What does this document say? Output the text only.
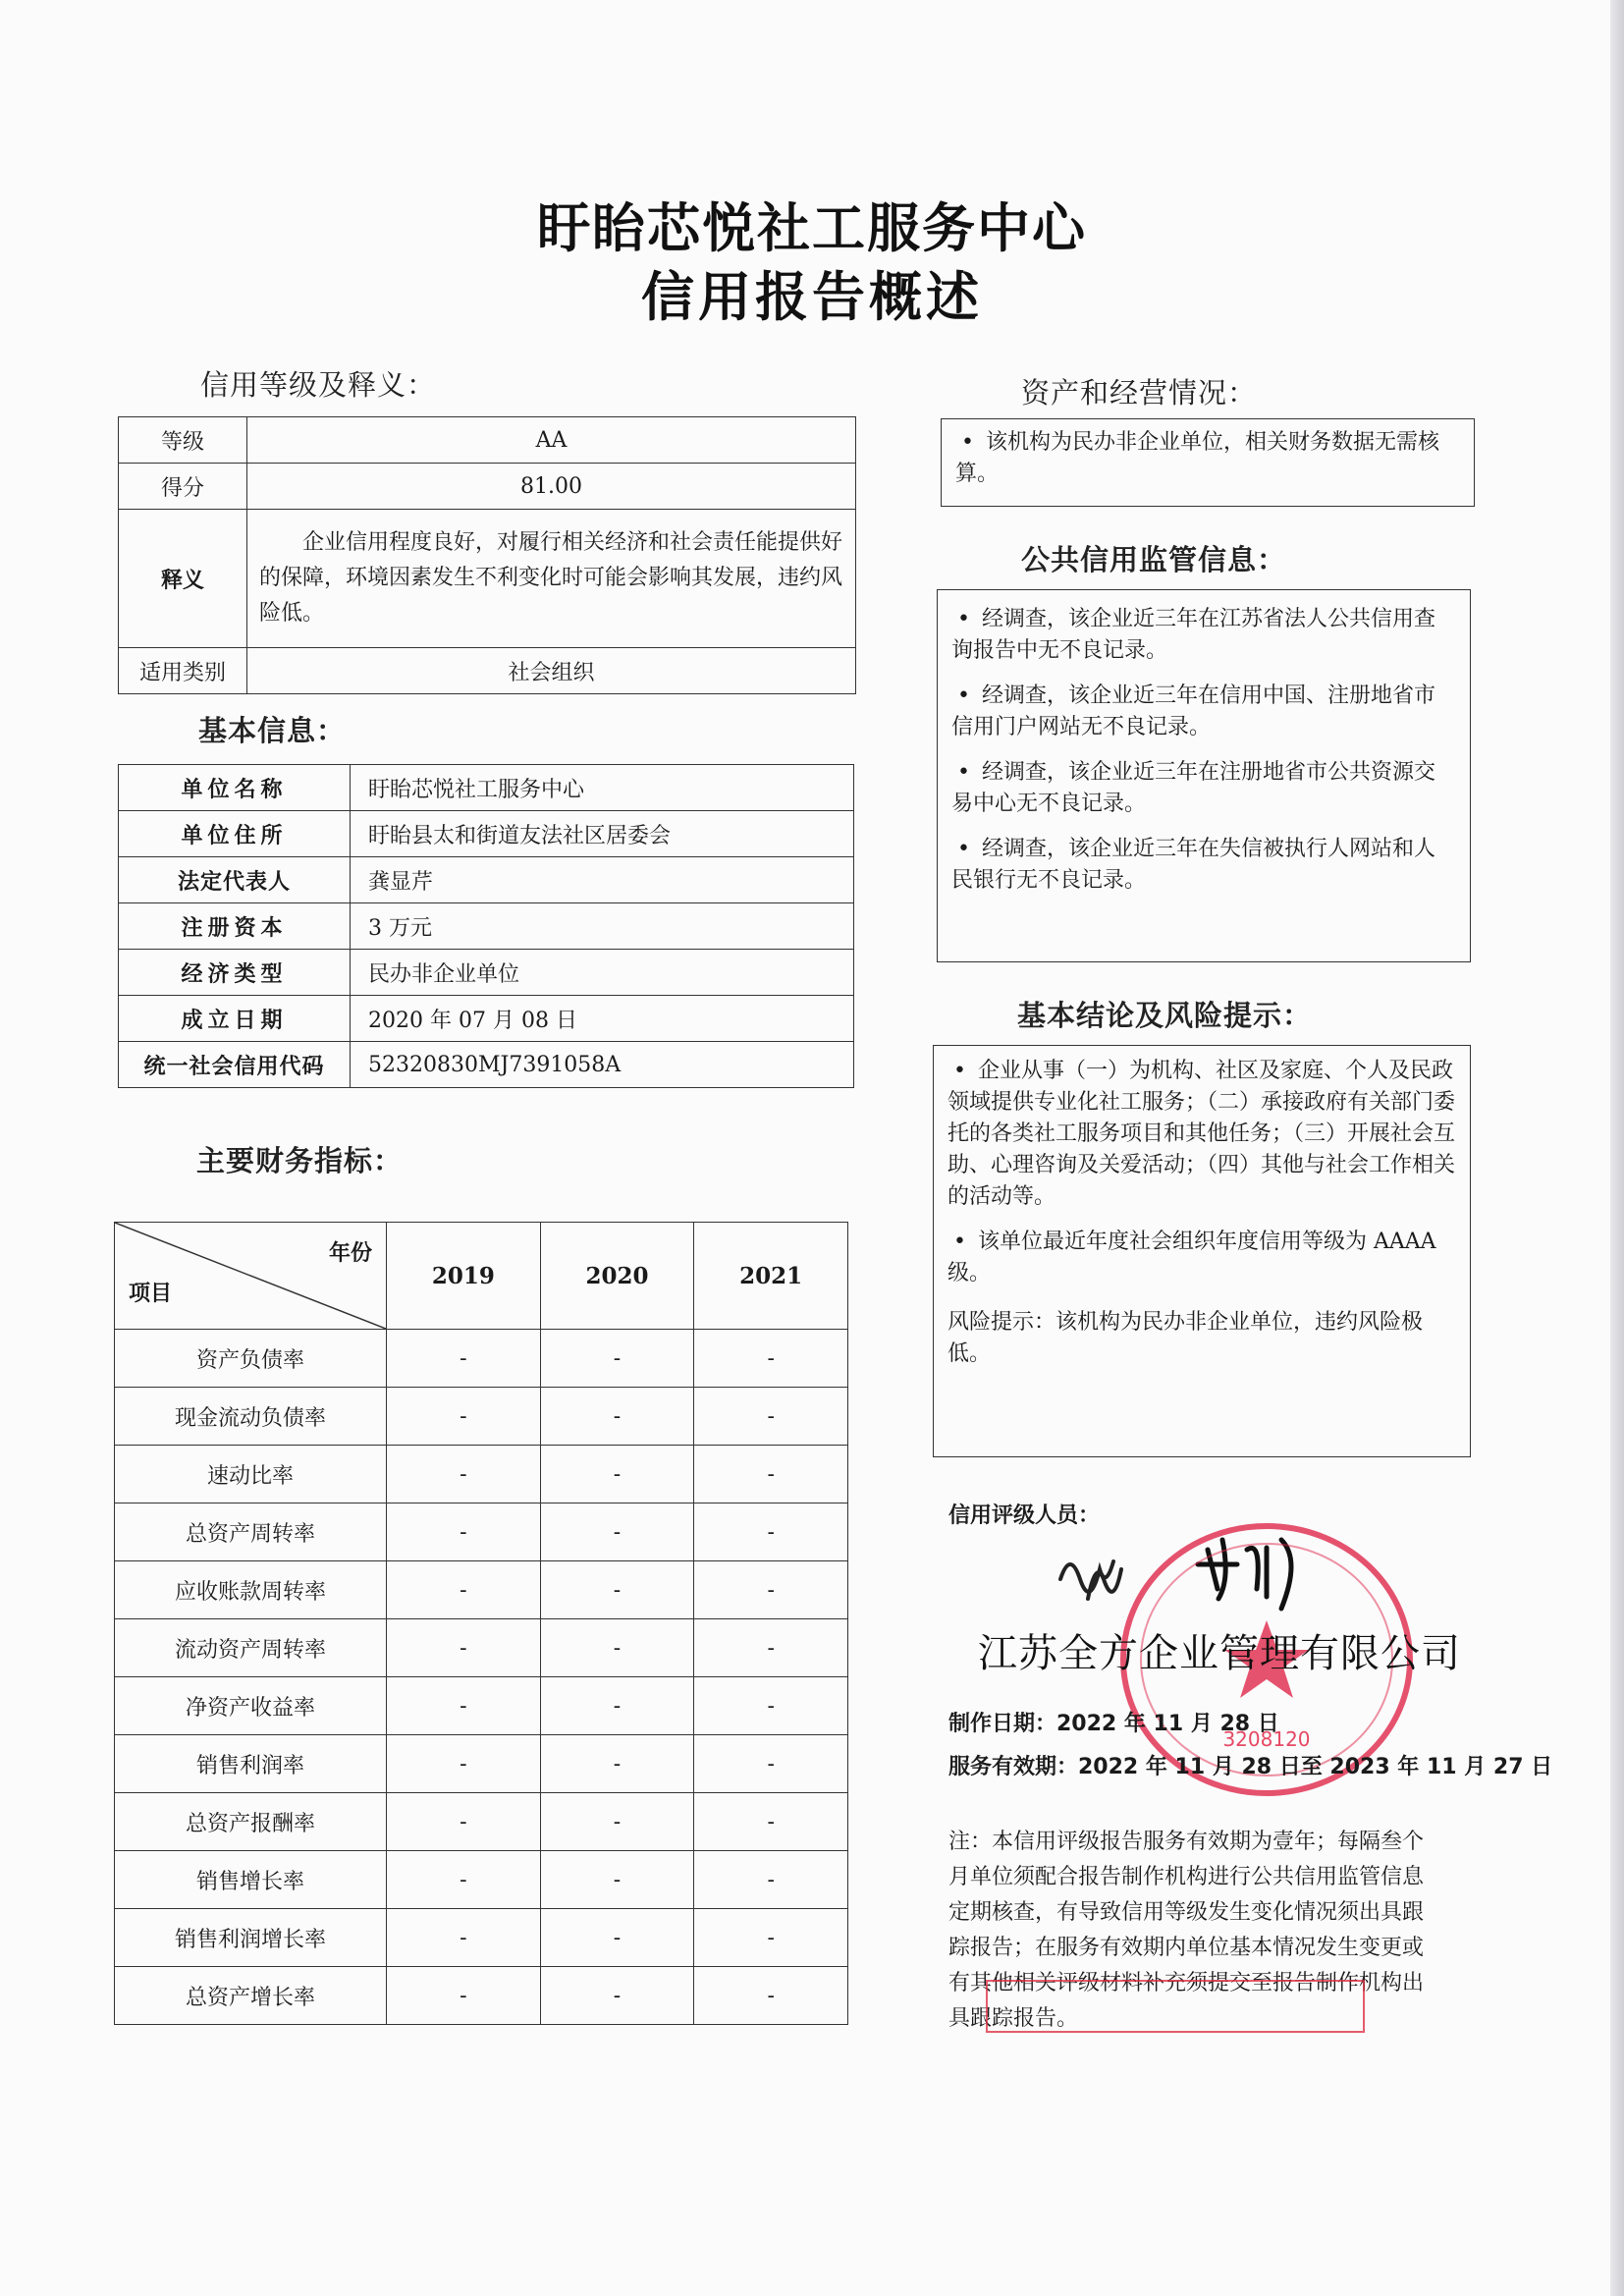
盱眙芯悦社工服务中心
信用报告概述
信用等级及释义：
等级	AA
得分	81.00
释义	企业信用程度良好，对履行相关经济和社会责任能提供好的保障，环境因素发生不利变化时可能会影响其发展，违约风险低。
适用类别	社会组织
基本信息：
单位名称	盱眙芯悦社工服务中心
单位住所	盱眙县太和街道友法社区居委会
法定代表人	龚显芹
注册资本	3 万元
经济类型	民办非企业单位
成立日期	2020 年 07 月 08 日
统一社会信用代码	52320830MJ7391058A
主要财务指标：
年份
项目	2019	2020	2021
资产负债率	-	-	-
现金流动负债率	-	-	-
速动比率	-	-	-
总资产周转率	-	-	-
应收账款周转率	-	-	-
流动资产周转率	-	-	-
净资产收益率	-	-	-
销售利润率	-	-	-
总资产报酬率	-	-	-
销售增长率	-	-	-
销售利润增长率	-	-	-
总资产增长率	-	-	-
资产和经营情况：

• 该机构为民办非企业单位，相关财务数据无需核算。

公共信用监管信息：

• 经调查，该企业近三年在江苏省法人公共信用查询报告中无不良记录。

• 经调查，该企业近三年在信用中国、注册地省市信用门户网站无不良记录。

• 经调查，该企业近三年在注册地省市公共资源交易中心无不良记录。

• 经调查，该企业近三年在失信被执行人网站和人民银行无不良记录。

基本结论及风险提示：

• 企业从事（一）为机构、社区及家庭、个人及民政领域提供专业化社工服务；（二）承接政府有关部门委托的各类社工服务项目和其他任务；（三）开展社会互助、心理咨询及关爱活动；（四）其他与社会工作相关的活动等。

• 该单位最近年度社会组织年度信用等级为 AAAA 级。

风险提示：该机构为民办非企业单位，违约风险极低。

信用评级人员：
3208120
江苏全方企业管理有限公司
制作日期：2022 年 11 月 28 日
服务有效期：2022 年 11 月 28 日至 2023 年 11 月 27 日
注：本信用评级报告服务有效期为壹年；每隔叁个月单位须配合报告制作机构进行公共信用监管信息定期核查，有导致信用等级发生变化情况须出具跟踪报告；在服务有效期内单位基本情况发生变更或有其他相关评级材料补充须提交至报告制作机构出具跟踪报告。
